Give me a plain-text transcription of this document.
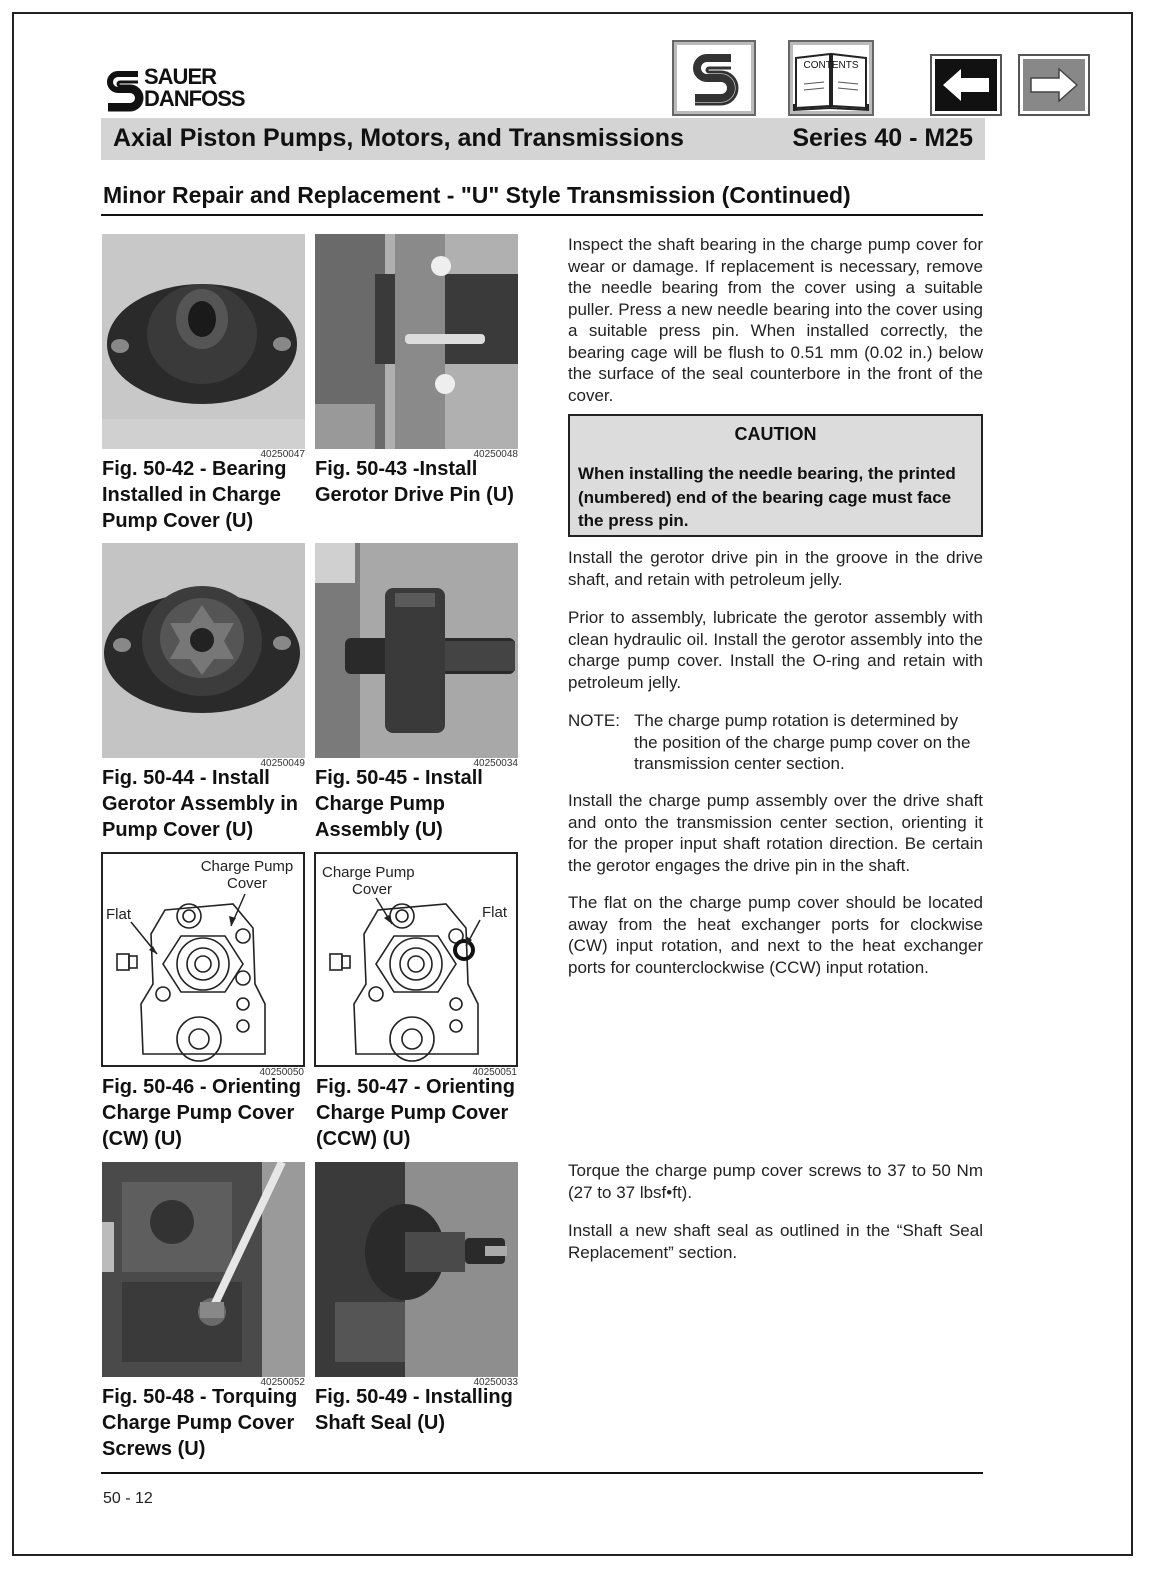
SAUER
DANFOSS
CONTENTS
Axial Piston Pumps, Motors, and Transmissions	Series 40 - M25
Minor Repair and Replacement - "U" Style Transmission (Continued)
40250047	40250048
Fig. 50-42 - Bearing
Installed in Charge
Pump Cover (U)
Fig. 50-43 -Install
Gerotor Drive Pin (U)
40250049	40250034
Fig. 50-44 - Install
Gerotor Assembly in
Pump Cover (U)
Fig. 50-45 - Install
Charge Pump
Assembly (U)
Charge Pump
Cover
Flat
40250050
Charge Pump
Cover
Flat
40250051
Fig. 50-46 - Orienting
Charge Pump Cover
(CW) (U)
Fig. 50-47 - Orienting
Charge Pump Cover
(CCW) (U)
40250052	40250033
Fig. 50-48 - Torquing
Charge Pump Cover
Screws (U)
Fig. 50-49 - Installing
Shaft Seal (U)
Inspect the shaft bearing in the charge pump cover for wear or damage. If replacement is necessary, remove the needle bearing from the cover using a suitable puller. Press a new needle bearing into the cover using a suitable press pin. When installed correctly, the bearing cage will be flush to 0.51 mm (0.02 in.) below the surface of the seal counterbore in the front of the cover.
CAUTION
When installing the needle bearing, the printed (numbered) end of the bearing cage must face the press pin.
Install the gerotor drive pin in the groove in the drive shaft, and retain with petroleum jelly.
Prior to assembly, lubricate the gerotor assembly with clean hydraulic oil. Install the gerotor assembly into the charge pump cover. Install the O-ring and retain with petroleum jelly.
NOTE: The charge pump rotation is determined by the position of the charge pump cover on the transmission center section.
Install the charge pump assembly over the drive shaft and onto the transmission center section, orienting it for the proper input shaft rotation direction. Be certain the gerotor engages the drive pin in the shaft.
The flat on the charge pump cover should be located away from the heat exchanger ports for clockwise (CW) input rotation, and next to the heat exchanger ports for counterclockwise (CCW) input rotation.
Torque the charge pump cover screws to 37 to 50 Nm (27 to 37 lbsf•ft).
Install a new shaft seal as outlined in the “Shaft Seal Replacement” section.
50 - 12
